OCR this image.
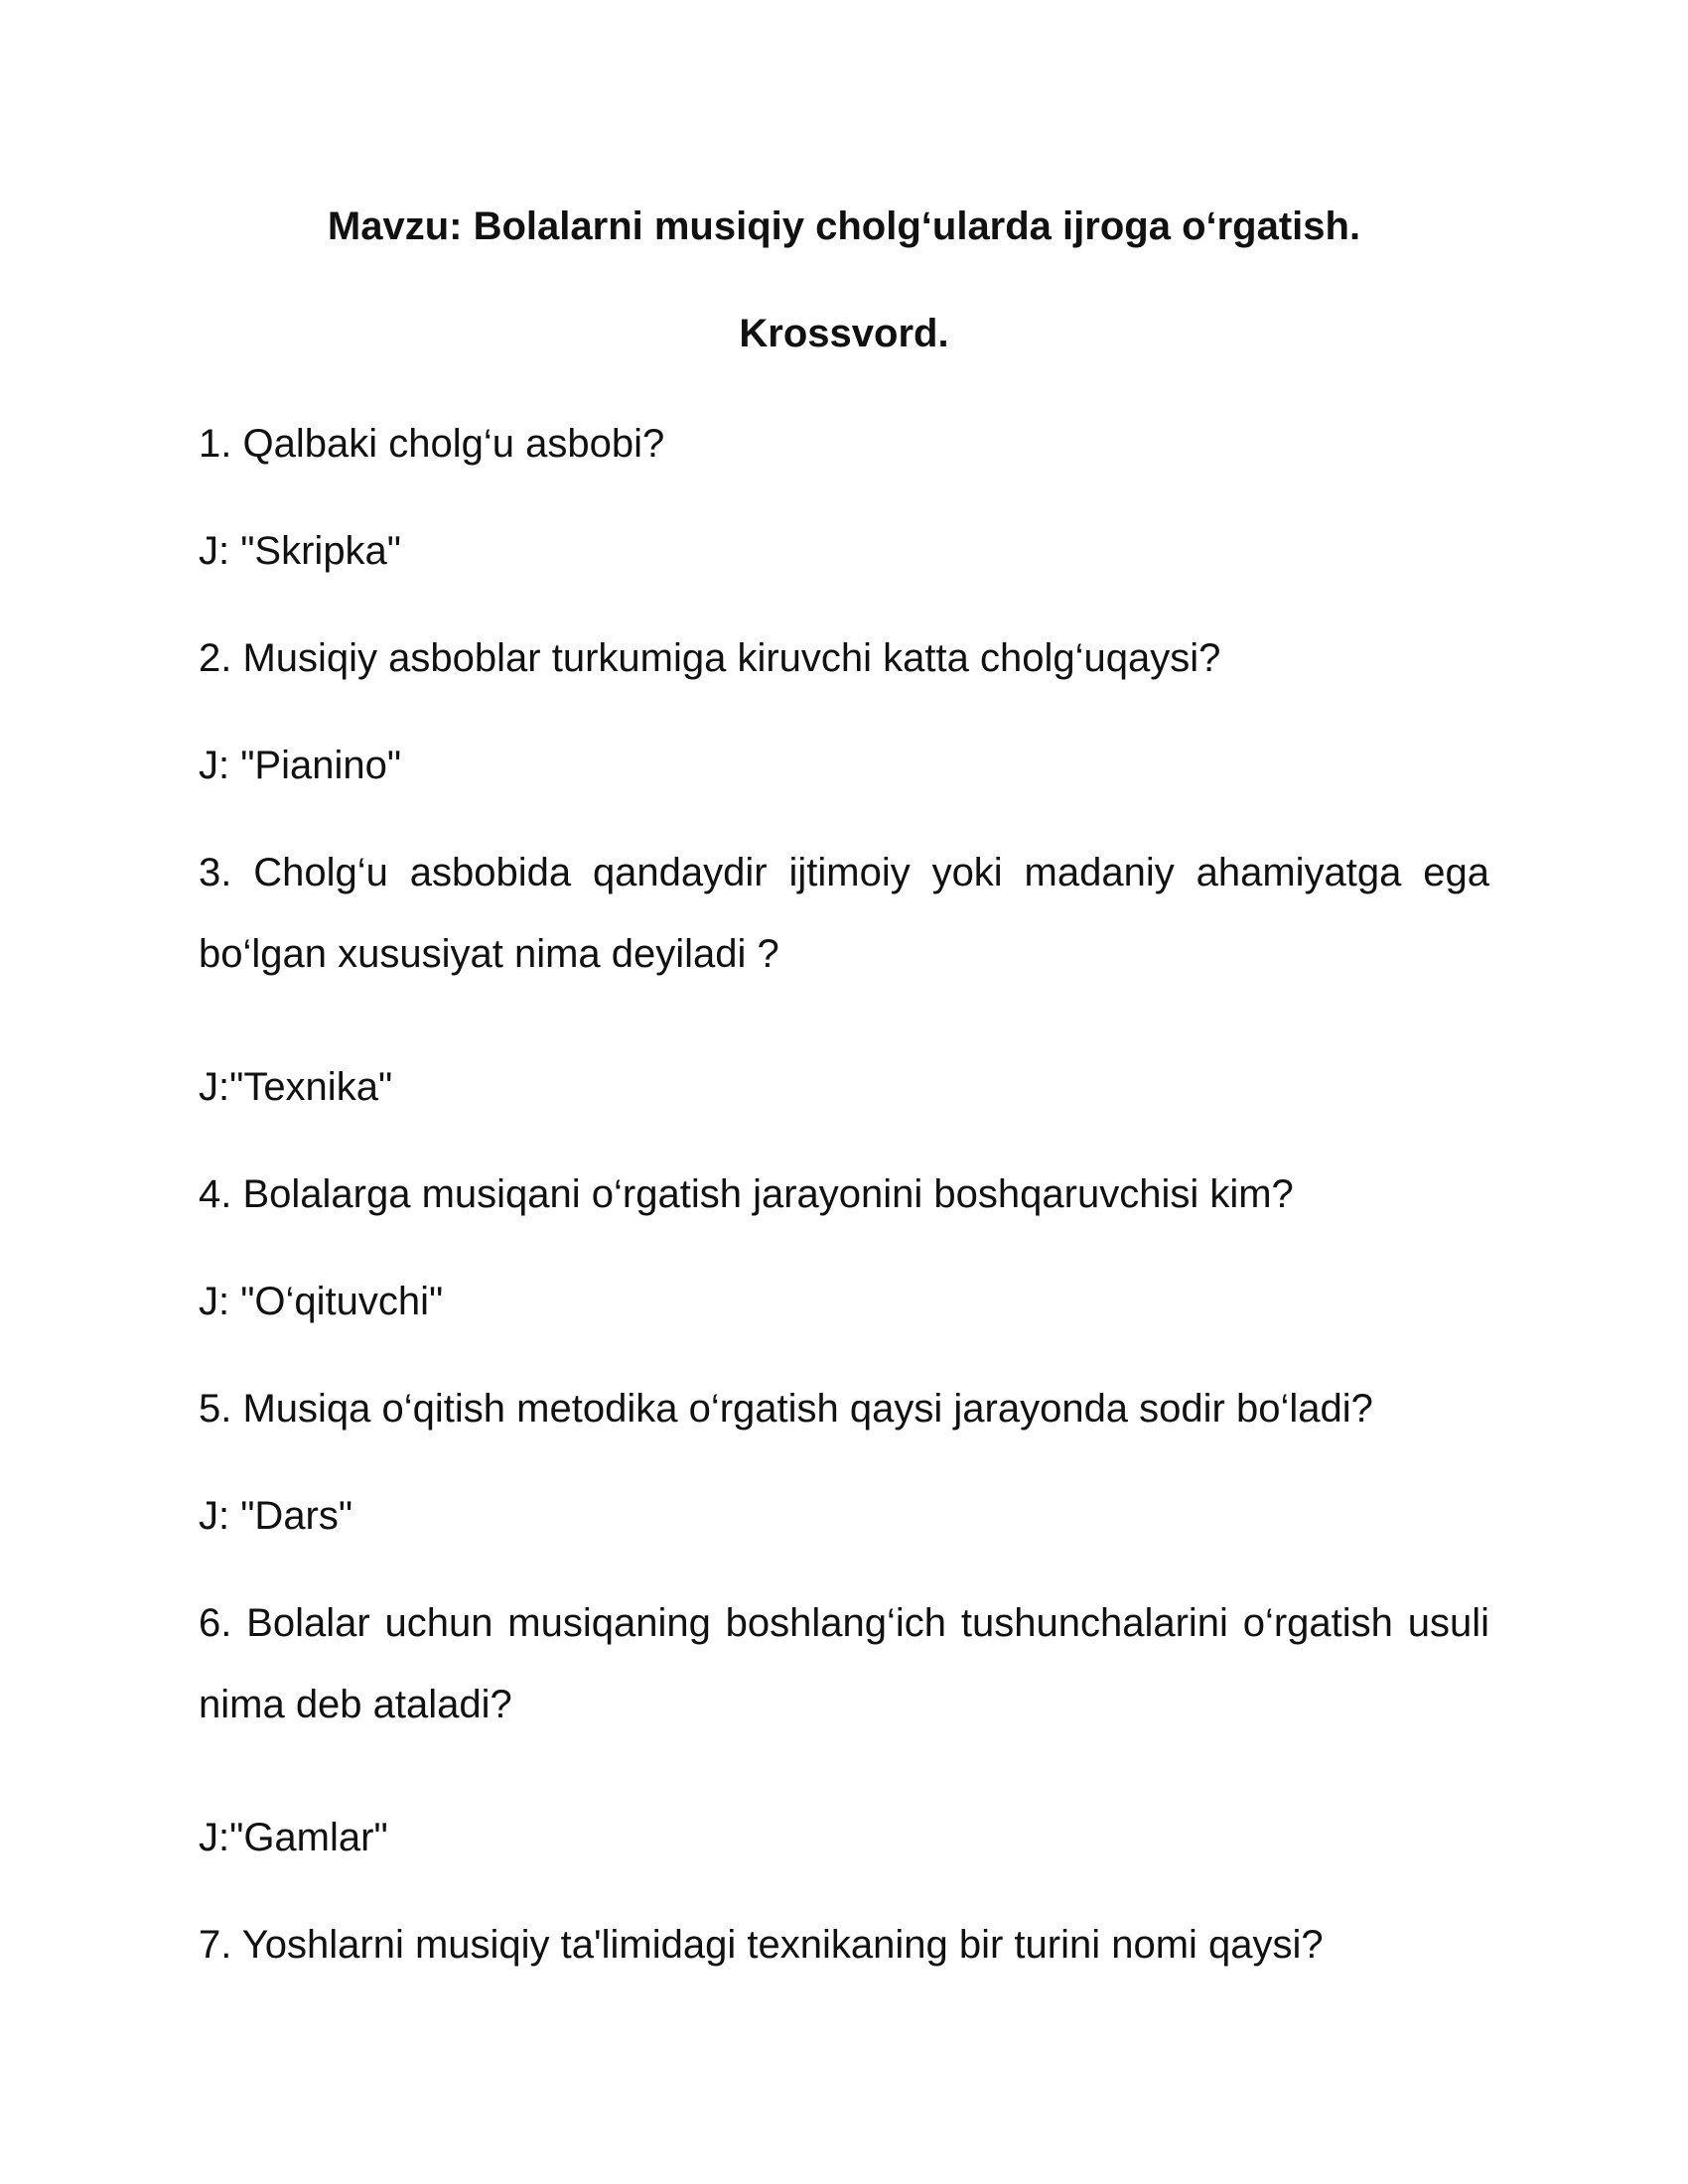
Mavzu: Bolalarni musiqiy cholg‘ularda ijroga o‘rgatish.
Krossvord.

1. Qalbaki cholg‘u asbobi?

J: "Skripka"

2. Musiqiy asboblar turkumiga kiruvchi katta cholg‘uqaysi?

J: "Pianino"

3. Cholg‘u asbobida qandaydir ijtimoiy yoki madaniy ahamiyatga ega bo‘lgan xususiyat nima deyiladi ?

J:"Texnika"

4. Bolalarga musiqani o‘rgatish jarayonini boshqaruvchisi kim?

J: "O‘qituvchi"

5. Musiqa o‘qitish metodika o‘rgatish qaysi jarayonda sodir bo‘ladi?

J: "Dars"

6. Bolalar uchun musiqaning boshlang‘ich tushunchalarini o‘rgatish usuli nima deb ataladi?

J:"Gamlar"

7. Yoshlarni musiqiy ta'limidagi texnikaning bir turini nomi qaysi?
